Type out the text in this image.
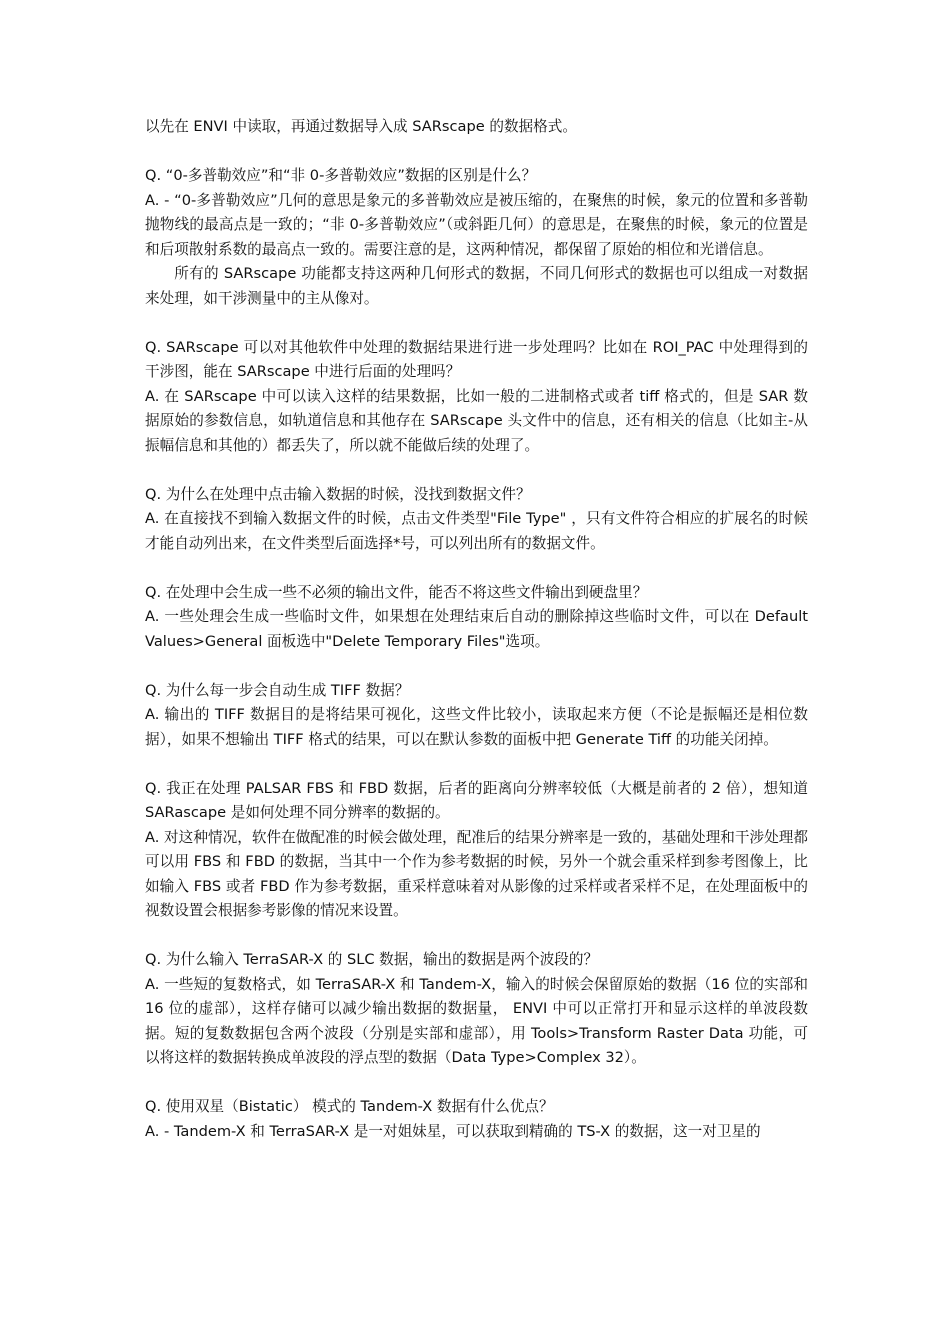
以先在 ENVI 中读取，再通过数据导入成 SARscape 的数据格式。

Q. “0-多普勒效应”和“非 0-多普勒效应”数据的区别是什么？

A. - “0-多普勒效应”几何的意思是象元的多普勒效应是被压缩的，在聚焦的时候，象元的位置和多普勒抛物线的最高点是一致的；“非 0-多普勒效应”（或斜距几何）的意思是，在聚焦的时候，象元的位置是和后项散射系数的最高点一致的。需要注意的是，这两种情况，都保留了原始的相位和光谱信息。

所有的 SARscape 功能都支持这两种几何形式的数据，不同几何形式的数据也可以组成一对数据来处理，如干涉测量中的主从像对。

Q. SARscape 可以对其他软件中处理的数据结果进行进一步处理吗？比如在 ROI_PAC 中处理得到的干涉图，能在 SARscape 中进行后面的处理吗？

A. 在 SARscape 中可以读入这样的结果数据，比如一般的二进制格式或者 tiff 格式的，但是 SAR 数据原始的参数信息，如轨道信息和其他存在 SARscape 头文件中的信息，还有相关的信息（比如主-从振幅信息和其他的）都丢失了，所以就不能做后续的处理了。

Q. 为什么在处理中点击输入数据的时候，没找到数据文件？

A. 在直接找不到输入数据文件的时候，点击文件类型"File Type" ，只有文件符合相应的扩展名的时候才能自动列出来，在文件类型后面选择*号，可以列出所有的数据文件。

Q. 在处理中会生成一些不必须的输出文件，能否不将这些文件输出到硬盘里？

A. 一些处理会生成一些临时文件，如果想在处理结束后自动的删除掉这些临时文件，可以在 Default Values>General 面板选中"Delete Temporary Files"选项。

Q. 为什么每一步会自动生成 TIFF 数据？

A. 输出的 TIFF 数据目的是将结果可视化，这些文件比较小，读取起来方便（不论是振幅还是相位数据），如果不想输出 TIFF 格式的结果，可以在默认参数的面板中把 Generate Tiff 的功能关闭掉。

Q. 我正在处理 PALSAR FBS 和 FBD 数据，后者的距离向分辨率较低（大概是前者的 2 倍），想知道 SARascape 是如何处理不同分辨率的数据的。

A. 对这种情况，软件在做配准的时候会做处理，配准后的结果分辨率是一致的，基础处理和干涉处理都可以用 FBS 和 FBD 的数据，当其中一个作为参考数据的时候，另外一个就会重采样到参考图像上，比如输入 FBS 或者 FBD 作为参考数据，重采样意味着对从影像的过采样或者采样不足，在处理面板中的视数设置会根据参考影像的情况来设置。

Q. 为什么输入 TerraSAR-X 的 SLC 数据，输出的数据是两个波段的？

A. 一些短的复数格式，如 TerraSAR-X 和 Tandem-X，输入的时候会保留原始的数据（16 位的实部和 16 位的虚部），这样存储可以减少输出数据的数据量， ENVI 中可以正常打开和显示这样的单波段数据。短的复数数据包含两个波段（分别是实部和虚部），用 Tools>Transform Raster Data 功能，可以将这样的数据转换成单波段的浮点型的数据（Data Type>Complex 32）。

Q. 使用双星（Bistatic） 模式的 Tandem-X 数据有什么优点？

A. - Tandem-X 和 TerraSAR-X 是一对姐妹星，可以获取到精确的 TS-X 的数据，这一对卫星的
